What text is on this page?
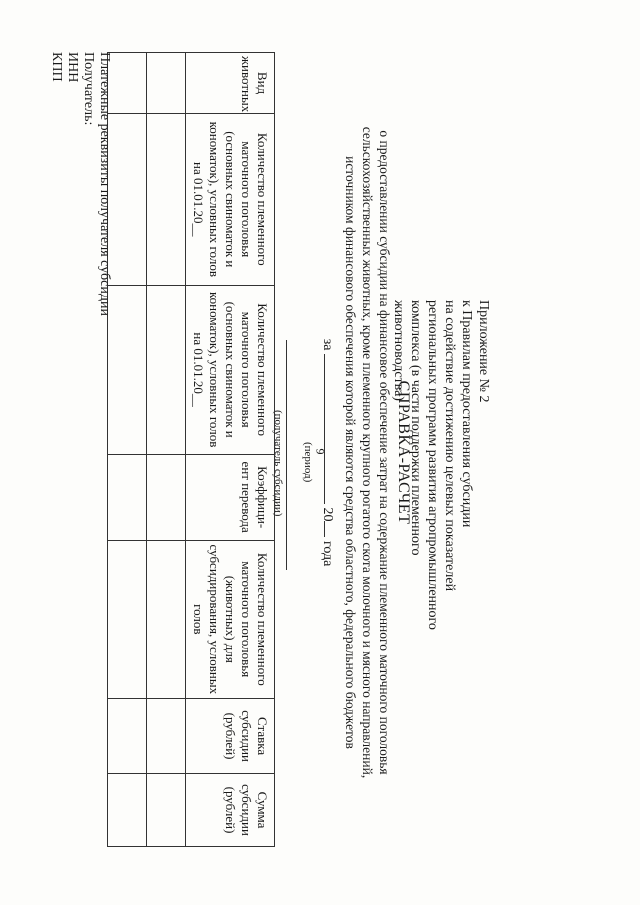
9
Приложение № 2
к Правилам предоставления субсидии
на содействие достижению целевых показателей
региональных программ развития агропромышленного
комплекса (в части поддержки племенного
животноводства)
СПРАВКА-РАСЧЕТ
о предоставлении субсидии на финансовое обеспечение затрат на содержание племенного маточного поголовья
сельскохозяйственных животных, кроме племенного крупного рогатого скота молочного и мясного направлений,
источником финансового обеспечения которой являются средства областного, федерального бюджетов
за  20 года
(период)
(получатель субсидии)
Вид животных	Количество племенного маточного поголовья (основных свиноматок и кономаток), условных голов на 01.01.20__	Количество племенного маточного поголовья (основных свиноматок и кономаток), условных голов на 01.01.20__	Коэффици-ент перевода	Количество племенного маточного поголовья (животных) для субсидирования, условных голов	Ставка субсидии (рублей)	Сумма субсидии (рублей)

Платежные реквизиты получателя субсидии
Получатель:
ИНН
КПП
